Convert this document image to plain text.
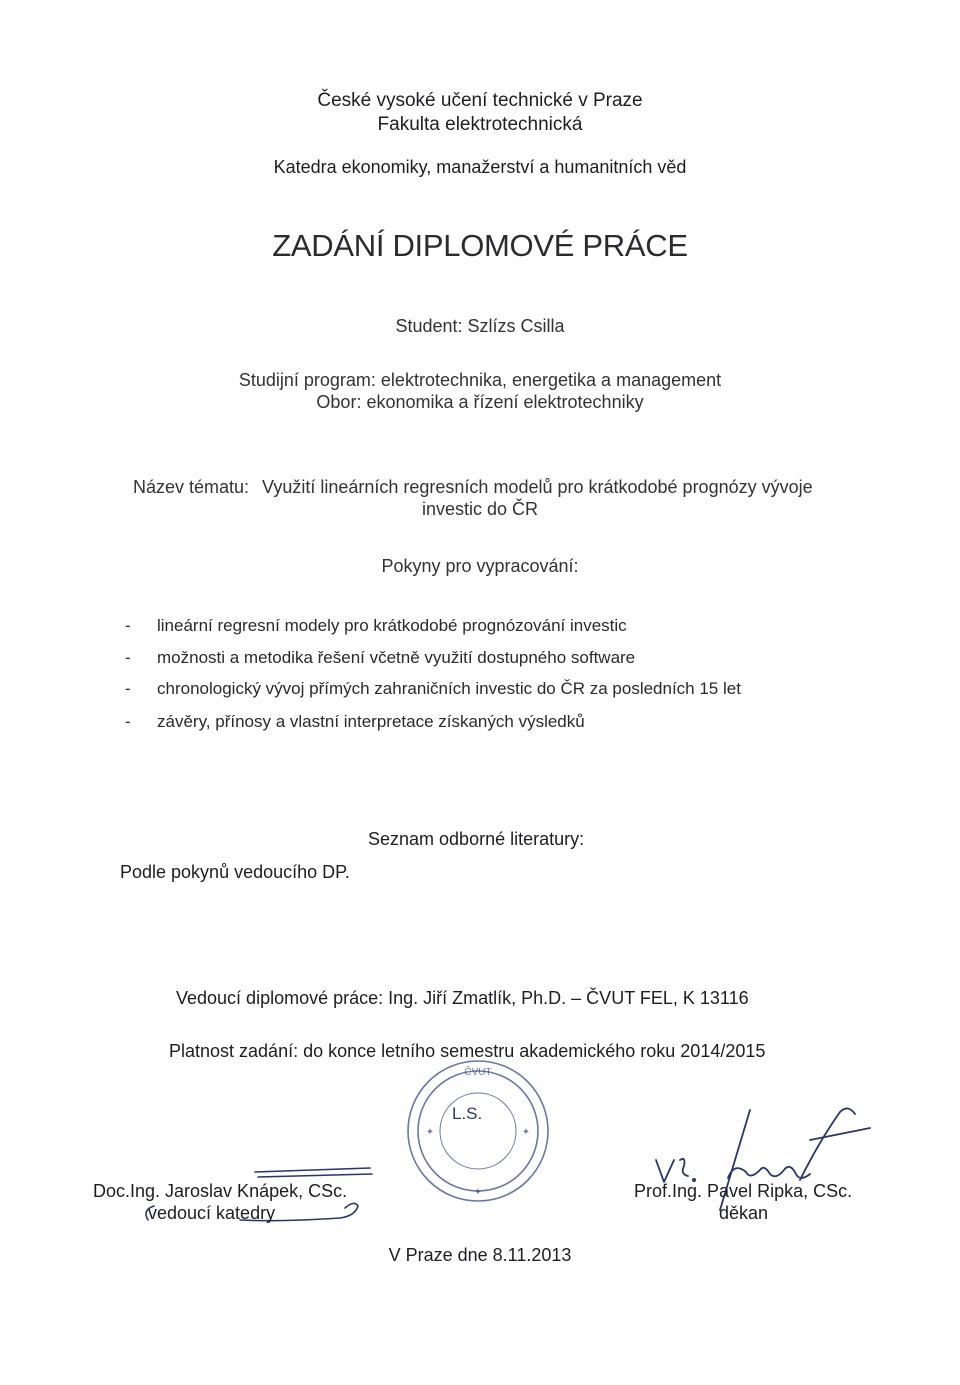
České vysoké učení technické v Praze
Fakulta elektrotechnická
Katedra ekonomiky, manažerství a humanitních věd
ZADÁNÍ DIPLOMOVÉ PRÁCE
Student: Szlízs Csilla
Studijní program: elektrotechnika, energetika a management
Obor: ekonomika a řízení elektrotechniky
Název tématu: Využití lineárních regresních modelů pro krátkodobé prognózy vývoje
investic do ČR
Pokyny pro vypracování:
- lineární regresní modely pro krátkodobé prognózování investic
- možnosti a metodika řešení včetně využití dostupného software
- chronologický vývoj přímých zahraničních investic do ČR za posledních 15 let
- závěry, přínosy a vlastní interpretace získaných výsledků
Seznam odborné literatury:
Podle pokynů vedoucího DP.
Vedoucí diplomové práce: Ing. Jiří Zmatlík, Ph.D. – ČVUT FEL, K 13116
Platnost zadání: do konce letního semestru akademického roku 2014/2015
ČVUT
✦	✦
✦
L.S.
Doc.Ing. Jaroslav Knápek, CSc.
vedoucí katedry
Prof.Ing. Pavel Ripka, CSc.
děkan
V Praze dne 8.11.2013
